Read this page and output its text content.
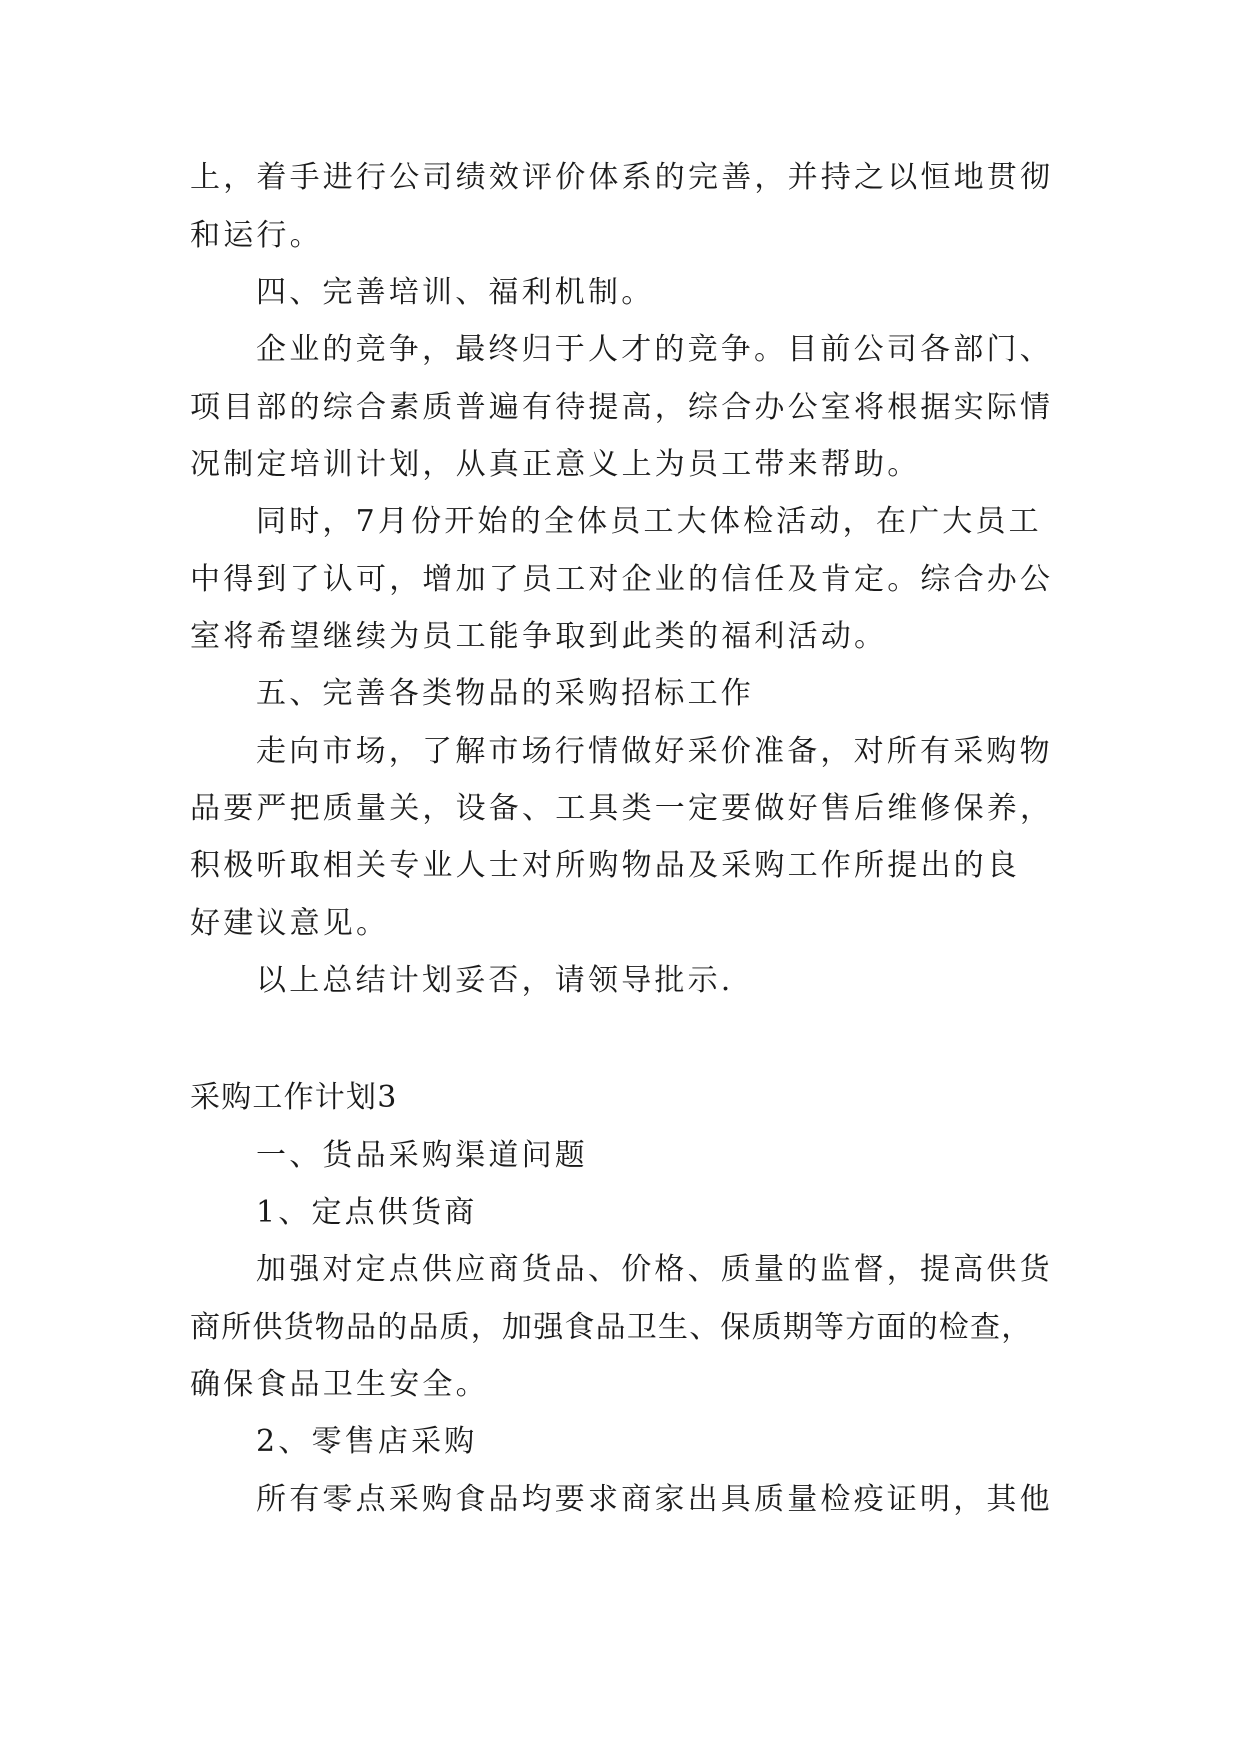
上，着手进行公司绩效评价体系的完善，并持之以恒地贯彻
和运行。
四、完善培训、福利机制。
企业的竞争，最终归于人才的竞争。目前公司各部门、
项目部的综合素质普遍有待提高，综合办公室将根据实际情
况制定培训计划，从真正意义上为员工带来帮助。
同时，7月份开始的全体员工大体检活动，在广大员工
中得到了认可，增加了员工对企业的信任及肯定。综合办公
室将希望继续为员工能争取到此类的福利活动。
五、完善各类物品的采购招标工作
走向市场，了解市场行情做好采价准备，对所有采购物
品要严把质量关，设备、工具类一定要做好售后维修保养，
积极听取相关专业人士对所购物品及采购工作所提出的良
好建议意见。
以上总结计划妥否，请领导批示.
采购工作计划3
一、货品采购渠道问题
1、定点供货商
加强对定点供应商货品、价格、质量的监督，提高供货
商所供货物品的品质，加强食品卫生、保质期等方面的检查，
确保食品卫生安全。
2、零售店采购
所有零点采购食品均要求商家出具质量检疫证明，其他
